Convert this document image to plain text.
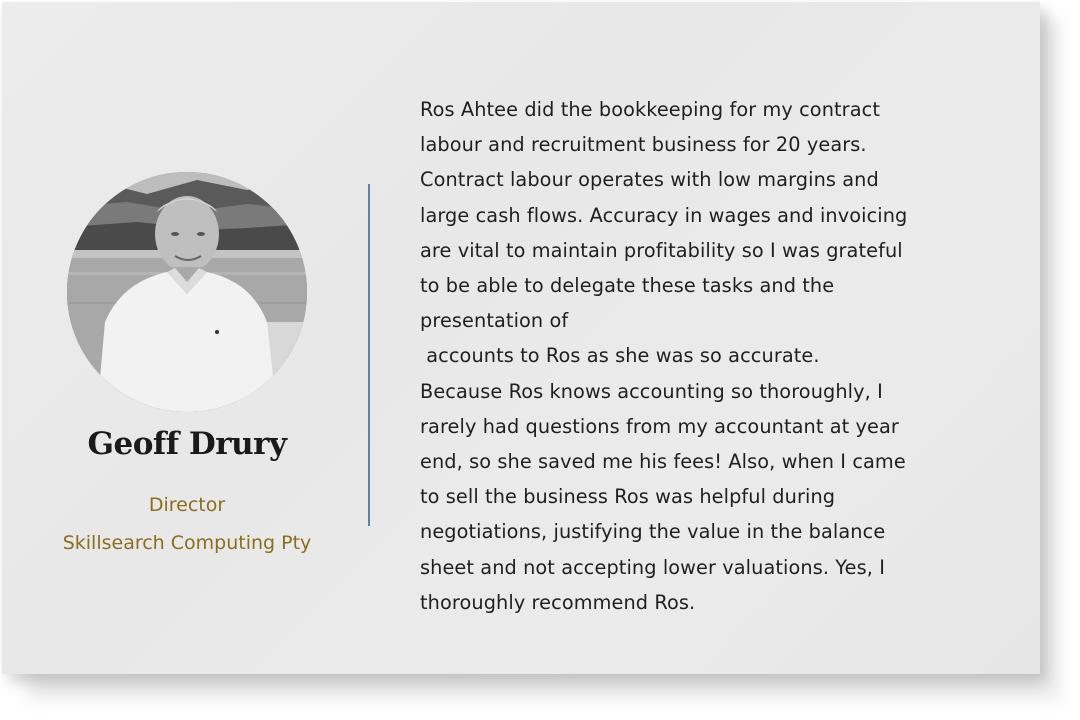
Geoff Drury
Director
Skillsearch Computing Pty
Ros Ahtee did the bookkeeping for my contract
labour and recruitment business for 20 years.
Contract labour operates with low margins and
large cash flows. Accuracy in wages and invoicing
are vital to maintain profitability so I was grateful
to be able to delegate these tasks and the
presentation of
accounts to Ros as she was so accurate.
Because Ros knows accounting so thoroughly, I
rarely had questions from my accountant at year
end, so she saved me his fees! Also, when I came
to sell the business Ros was helpful during
negotiations, justifying the value in the balance
sheet and not accepting lower valuations. Yes, I
thoroughly recommend Ros.
